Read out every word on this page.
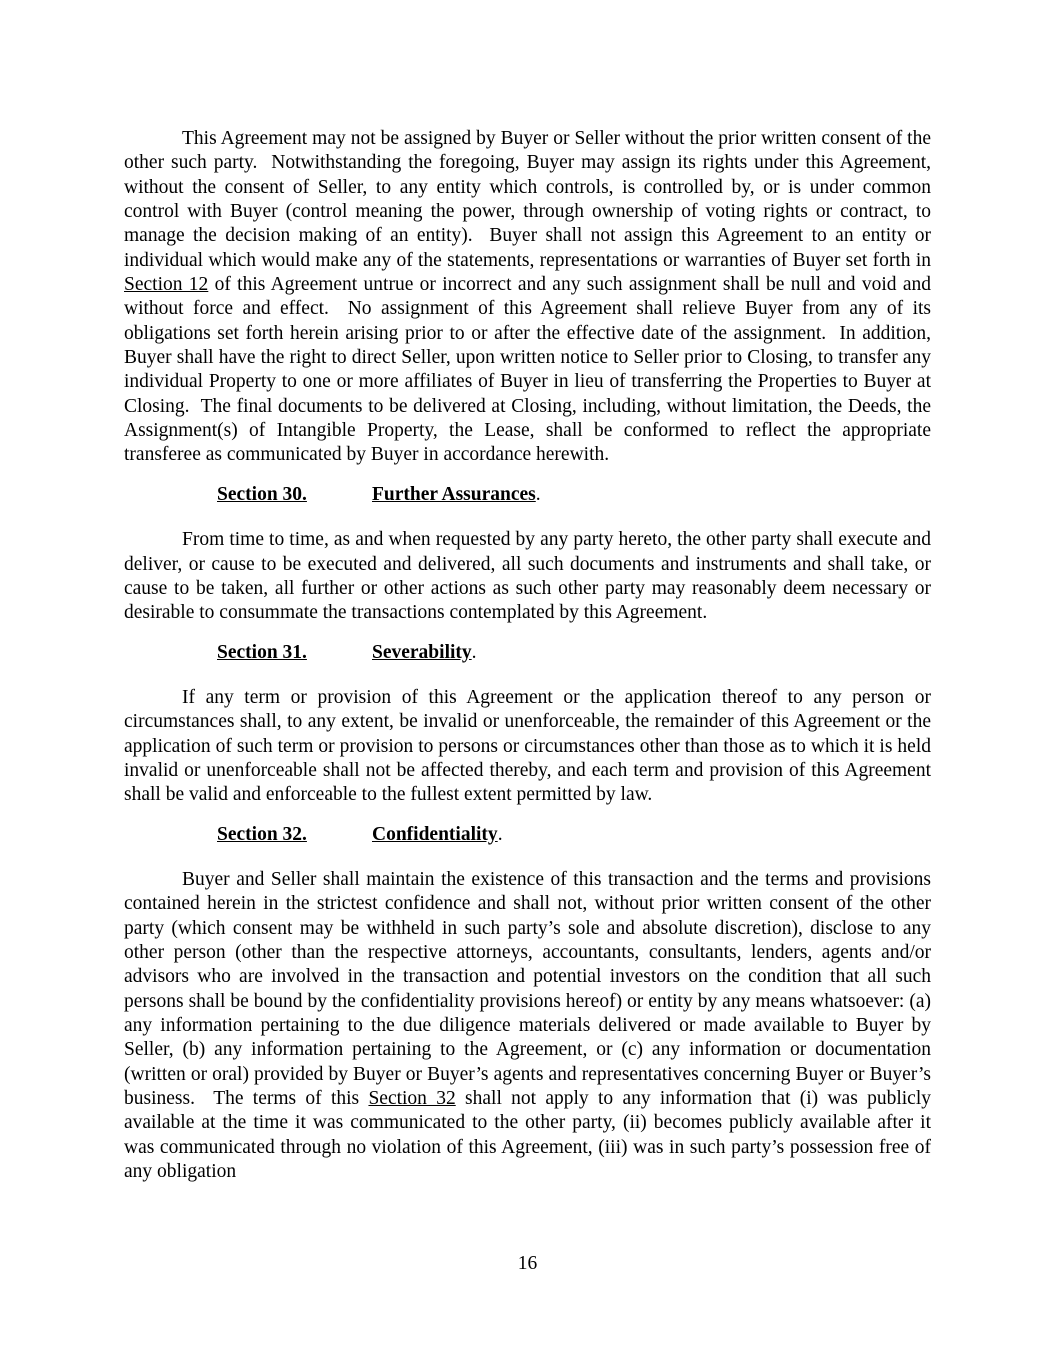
This Agreement may not be assigned by Buyer or Seller without the prior written consent of the other such party.  Notwithstanding the foregoing, Buyer may assign its rights under this Agreement, without the consent of Seller, to any entity which controls, is controlled by, or is under common control with Buyer (control meaning the power, through ownership of voting rights or contract, to manage the decision making of an entity).  Buyer shall not assign this Agreement to an entity or individual which would make any of the statements, representations or warranties of Buyer set forth in Section 12 of this Agreement untrue or incorrect and any such assignment shall be null and void and without force and effect.  No assignment of this Agreement shall relieve Buyer from any of its obligations set forth herein arising prior to or after the effective date of the assignment.  In addition, Buyer shall have the right to direct Seller, upon written notice to Seller prior to Closing, to transfer any individual Property to one or more affiliates of Buyer in lieu of transferring the Properties to Buyer at Closing.  The final documents to be delivered at Closing, including, without limitation, the Deeds, the Assignment(s) of Intangible Property, the Lease, shall be conformed to reflect the appropriate transferee as communicated by Buyer in accordance herewith.

Section 30.	Further Assurances.

From time to time, as and when requested by any party hereto, the other party shall execute and deliver, or cause to be executed and delivered, all such documents and instruments and shall take, or cause to be taken, all further or other actions as such other party may reasonably deem necessary or desirable to consummate the transactions contemplated by this Agreement.

Section 31.	Severability.

If any term or provision of this Agreement or the application thereof to any person or circumstances shall, to any extent, be invalid or unenforceable, the remainder of this Agreement or the application of such term or provision to persons or circumstances other than those as to which it is held invalid or unenforceable shall not be affected thereby, and each term and provision of this Agreement shall be valid and enforceable to the fullest extent permitted by law.

Section 32.	Confidentiality.

Buyer and Seller shall maintain the existence of this transaction and the terms and provisions contained herein in the strictest confidence and shall not, without prior written consent of the other party (which consent may be withheld in such party’s sole and absolute discretion), disclose to any other person (other than the respective attorneys, accountants, consultants, lenders, agents and/or advisors who are involved in the transaction and potential investors on the condition that all such persons shall be bound by the confidentiality provisions hereof) or entity by any means whatsoever: (a) any information pertaining to the due diligence materials delivered or made available to Buyer by Seller, (b) any information pertaining to the Agreement, or (c) any information or documentation (written or oral) provided by Buyer or Buyer’s agents and representatives concerning Buyer or Buyer’s business.  The terms of this Section 32 shall not apply to any information that (i) was publicly available at the time it was communicated to the other party, (ii) becomes publicly available after it was communicated through no violation of this Agreement, (iii) was in such party’s possession free of any obligation

16
